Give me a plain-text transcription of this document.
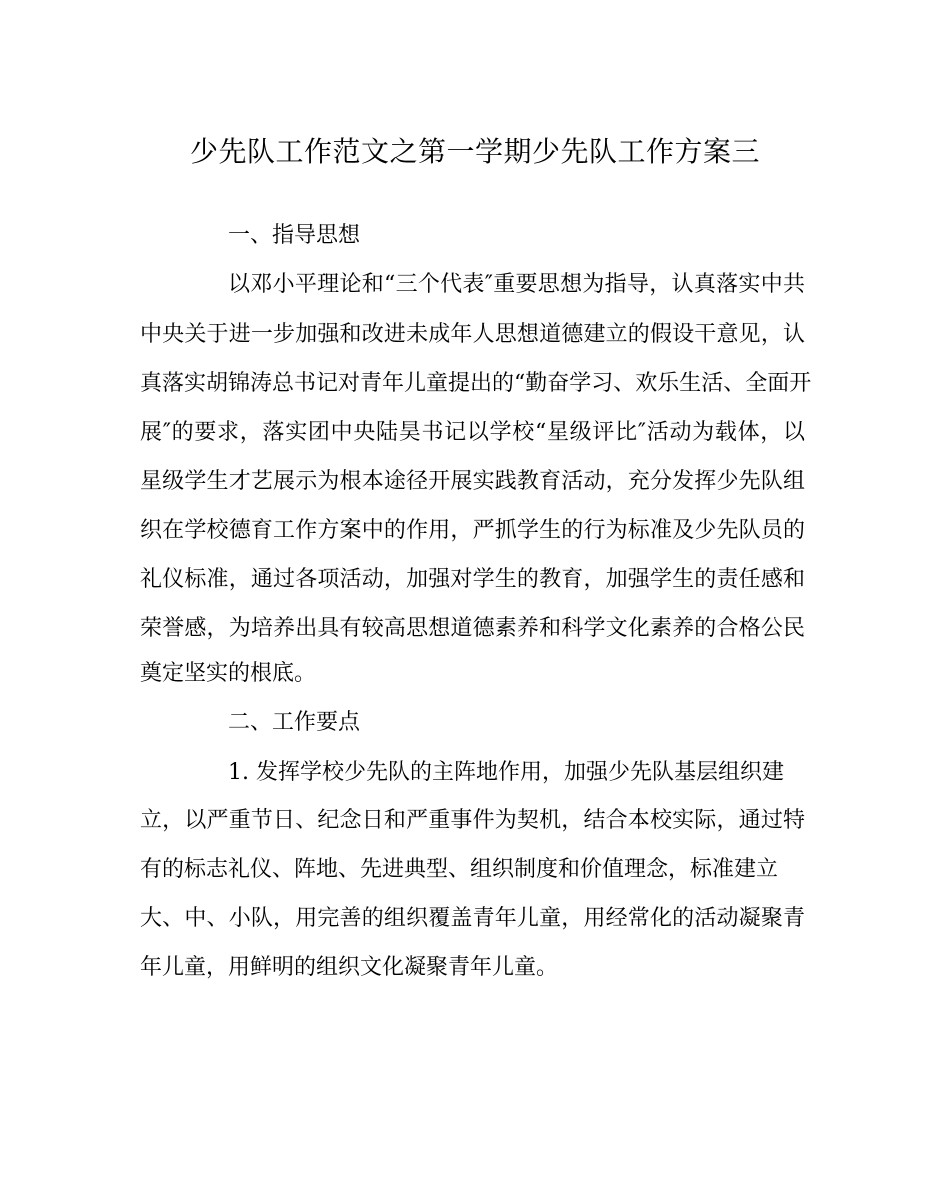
少先队工作范文之第一学期少先队工作方案三
一、指导思想
以邓小平理论和“三个代表″重要思想为指导，认真落实中共
中央关于进一步加强和改进未成年人思想道德建立的假设干意见，认
真落实胡锦涛总书记对青年儿童提出的“勤奋学习、欢乐生活、全面开
展″的要求，落实团中央陆昊书记以学校“星级评比″活动为载体，以
星级学生才艺展示为根本途径开展实践教育活动，充分发挥少先队组
织在学校德育工作方案中的作用，严抓学生的行为标准及少先队员的
礼仪标准，通过各项活动，加强对学生的教育，加强学生的责任感和
荣誉感，为培养出具有较高思想道德素养和科学文化素养的合格公民
奠定坚实的根底。
二、工作要点
1. 发挥学校少先队的主阵地作用，加强少先队基层组织建
立，以严重节日、纪念日和严重事件为契机，结合本校实际，通过特
有的标志礼仪、阵地、先进典型、组织制度和价值理念，标准建立
大、中、小队，用完善的组织覆盖青年儿童，用经常化的活动凝聚青
年儿童，用鲜明的组织文化凝聚青年儿童。
